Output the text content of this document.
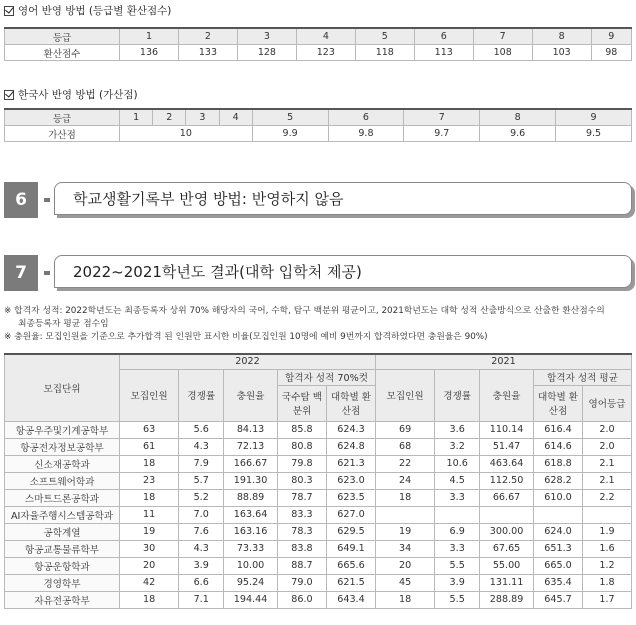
영어 반영 방법 (등급별 환산점수)
등급	1	2	3	4	5	6	7	8	9
환산점수	136	133	128	123	118	113	108	103	98
한국사 반영 방법 (가산점)
등급	1	2	3	4	5	6	7	8	9
가산점	10				9.9	9.8	9.7	9.6	9.5
6	학교생활기록부 반영 방법: 반영하지 않음
7	2022~2021학년도 결과(대학 입학처 제공)
※ 합격자 성적: 2022학년도는 최종등록자 상위 70% 해당자의 국어, 수학, 탐구 백분위 평균이고, 2021학년도는 대학 성적 산출방식으로 산출한 환산점수의
최종등록자 평균 점수임
※ 충원율: 모집인원을 기준으로 추가합격 된 인원만 표시한 비율(모집인원 10명에 예비 9번까지 합격하였다면 충원율은 90%)
모집단위	2022					2021				
	모집인원	경쟁률	충원율	합격자 성적 70%컷		모집인원	경쟁률	충원율	합격자 성적 평균	
				국수탐 백분위	대학별 환산점				대학별 환산점	영어등급
항공우주및기계공학부	63	5.6	84.13	85.8	624.3	69	3.6	110.14	616.4	2.0
항공전자정보공학부	61	4.3	72.13	80.8	624.8	68	3.2	51.47	614.6	2.0
신소재공학과	18	7.9	166.67	79.8	621.3	22	10.6	463.64	618.8	2.1
소프트웨어학과	23	5.7	191.30	80.3	623.0	24	4.5	112.50	628.2	2.1
스마트드론공학과	18	5.2	88.89	78.7	623.5	18	3.3	66.67	610.0	2.2
AI자율주행시스템공학과	11	7.0	163.64	83.3	627.0					
공학계열	19	7.6	163.16	78.3	629.5	19	6.9	300.00	624.0	1.9
항공교통물류학부	30	4.3	73.33	83.8	649.1	34	3.3	67.65	651.3	1.6
항공운항학과	20	3.9	10.00	88.7	665.6	20	5.5	55.00	665.0	1.2
경영학부	42	6.6	95.24	79.0	621.5	45	3.9	131.11	635.4	1.8
자유전공학부	18	7.1	194.44	86.0	643.4	18	5.5	288.89	645.7	1.7
